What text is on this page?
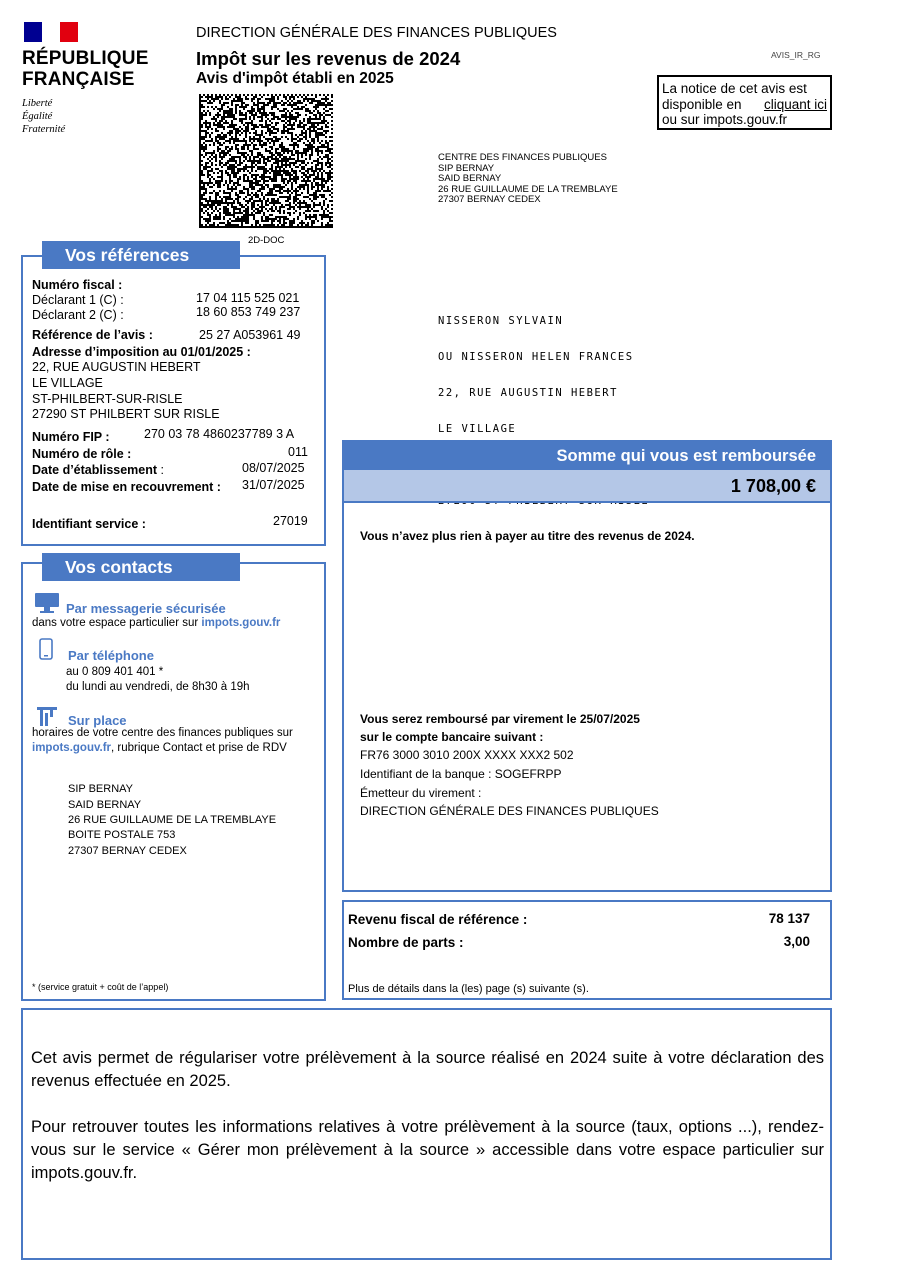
RÉPUBLIQUE
FRANÇAISE
Liberté
Égalité
Fraternité
DIRECTION GÉNÉRALE DES FINANCES PUBLIQUES
Impôt sur les revenus de 2024
Avis d'impôt établi en 2025
AVIS_IR_RG
La notice de cet avis est
disponible en cliquant ici
ou sur impots.gouv.fr
2D-DOC
CENTRE DES FINANCES PUBLIQUES
SIP BERNAY
SAID BERNAY
26 RUE GUILLAUME DE LA TREMBLAYE
27307 BERNAY CEDEX

NISSERON SYLVAIN

OU NISSERON HELEN FRANCES

22, RUE AUGUSTIN HEBERT

LE VILLAGE

Numéro fiscal :
Déclarant 1 (C) :	17 04 115 525 021
Déclarant 2 (C) :	18 60 853 749 237
Référence de l’avis :	25 27 A053961 49
Adresse d’imposition au 01/01/2025 :
22, RUE AUGUSTIN HEBERT
LE VILLAGE
ST-PHILBERT-SUR-RISLE
27290 ST PHILBERT SUR RISLE
Numéro FIP :	270 03 78 4860237789 3 A
Numéro de rôle :	011
Date d’établissement :	08/07/2025
Date de mise en recouvrement : 31/07/2025
Identifiant service :	27019
Vos références
Par messagerie sécurisée
dans votre espace particulier sur impots.gouv.fr
Par téléphone
au 0 809 401 401 *
du lundi au vendredi, de 8h30 à 19h
Sur place
horaires de votre centre des finances publiques sur
impots.gouv.fr, rubrique Contact et prise de RDV
SIP BERNAY
SAID BERNAY
26 RUE GUILLAUME DE LA TREMBLAYE
BOITE POSTALE 753
27307 BERNAY CEDEX
* (service gratuit + coût de l’appel)
Vos contacts
Somme qui vous est remboursée
1 708,00 €
Vous n’avez plus rien à payer au titre des revenus de 2024.
Vous serez remboursé par virement le 25/07/2025
sur le compte bancaire suivant :
FR76 3000 3010 200X XXXX XXX2 502
Identifiant de la banque : SOGEFRPP
Émetteur du virement :
DIRECTION GÉNÉRALE DES FINANCES PUBLIQUES
Revenu fiscal de référence :	78 137
Nombre de parts :	3,00
Plus de détails dans la (les) page (s) suivante (s).
Cet avis permet de régulariser votre prélèvement à la source réalisé en 2024 suite à votre déclaration des revenus effectuée en 2025.
Pour retrouver toutes les informations relatives à votre prélèvement à la source (taux, options ...), rendez-vous sur le service « Gérer mon prélèvement à la source » accessible dans votre espace particulier sur impots.gouv.fr.
